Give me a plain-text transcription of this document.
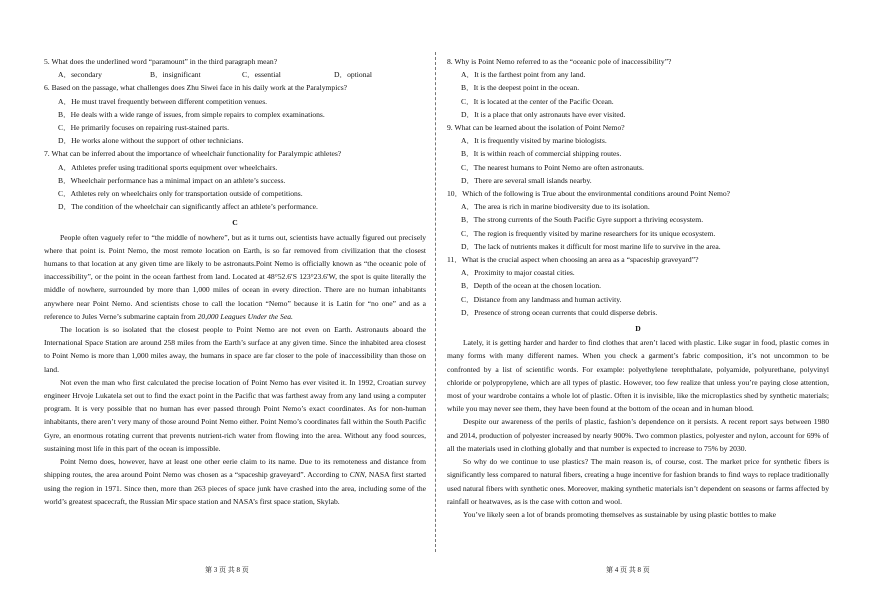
5. What does the underlined word “paramount” in the third paragraph mean?

A．secondary	B．insignificant	C．essential	D．optional

6. Based on the passage, what challenges does Zhu Siwei face in his daily work at the Paralympics?

A．He must travel frequently between different competition venues.

B．He deals with a wide range of issues, from simple repairs to complex examinations.

C．He primarily focuses on repairing rust-stained parts.

D．He works alone without the support of other technicians.

7. What can be inferred about the importance of wheelchair functionality for Paralympic athletes?

A．Athletes prefer using traditional sports equipment over wheelchairs.

B．Wheelchair performance has a minimal impact on an athlete’s success.

C．Athletes rely on wheelchairs only for transportation outside of competitions.

D．The condition of the wheelchair can significantly affect an athlete’s performance.

C

People often vaguely refer to “the middle of nowhere”, but as it turns out, scientists have actually figured out precisely where that point is. Point Nemo, the most remote location on Earth, is so far removed from civilization that the closest humans to that location at any given time are likely to be astronauts.Point Nemo is officially known as “the oceanic pole of inaccessibility”, or the point in the ocean farthest from land. Located at 48°52.6′S 123°23.6′W, the spot is quite literally the middle of nowhere, surrounded by more than 1,000 miles of ocean in every direction. There are no human inhabitants anywhere near Point Nemo. And scientists chose to call the location “Nemo” because it is Latin for “no one” and as a reference to Jules Verne’s submarine captain from 20,000 Leagues Under the Sea.

The location is so isolated that the closest people to Point Nemo are not even on Earth. Astronauts aboard the International Space Station are around 258 miles from the Earth’s surface at any given time. Since the inhabited area closest to Point Nemo is more than 1,000 miles away, the humans in space are far closer to the pole of inaccessibility than those on land.

Not even the man who first calculated the precise location of Point Nemo has ever visited it. In 1992, Croatian survey engineer Hrvoje Lukatela set out to find the exact point in the Pacific that was farthest away from any land using a computer program. It is very possible that no human has ever passed through Point Nemo’s exact coordinates. As for non-human inhabitants, there aren’t very many of those around Point Nemo either. Point Nemo’s coordinates fall within the South Pacific Gyre, an enormous rotating current that prevents nutrient-rich water from flowing into the area. Without any food sources, sustaining most life in this part of the ocean is impossible.

Point Nemo does, however, have at least one other eerie claim to its name. Due to its remoteness and distance from shipping routes, the area around Point Nemo was chosen as a “spaceship graveyard”. According to CNN, NASA first started using the region in 1971. Since then, more than 263 pieces of space junk have crashed into the area, including some of the world’s greatest spacecraft, the Russian Mir space station and NASA’s first space station, Skylab.

8. Why is Point Nemo referred to as the “oceanic pole of inaccessibility”?

A．It is the farthest point from any land.

B．It is the deepest point in the ocean.

C．It is located at the center of the Pacific Ocean.

D．It is a place that only astronauts have ever visited.

9. What can be learned about the isolation of Point Nemo?

A．It is frequently visited by marine biologists.

B．It is within reach of commercial shipping routes.

C．The nearest humans to Point Nemo are often astronauts.

D．There are several small islands nearby.

10．Which of the following is True about the environmental conditions around Point Nemo?

A．The area is rich in marine biodiversity due to its isolation.

B．The strong currents of the South Pacific Gyre support a thriving ecosystem.

C．The region is frequently visited by marine researchers for its unique ecosystem.

D．The lack of nutrients makes it difficult for most marine life to survive in the area.

11．What is the crucial aspect when choosing an area as a “spaceship graveyard”?

A．Proximity to major coastal cities.

B．Depth of the ocean at the chosen location.

C．Distance from any landmass and human activity.

D．Presence of strong ocean currents that could disperse debris.

D

Lately, it is getting harder and harder to find clothes that aren’t laced with plastic. Like sugar in food, plastic comes in many forms with many different names. When you check a garment’s fabric composition, it’s not uncommon to be confronted by a list of scientific words. For example: polyethylene terephthalate, polyamide, polyurethane, polyvinyl chloride or polypropylene, which are all types of plastic. However, too few realize that unless you’re paying close attention, most of your wardrobe contains a whole lot of plastic. Often it is invisible, like the microplastics shed by synthetic materials; while you may never see them, they have been found at the bottom of the ocean and in human blood.

Despite our awareness of the perils of plastic, fashion’s dependence on it persists. A recent report says between 1980 and 2014, production of polyester increased by nearly 900%. Two common plastics, polyester and nylon, account for 69% of all the materials used in clothing globally and that number is expected to increase to 75% by 2030.

So why do we continue to use plastics? The main reason is, of course, cost. The market price for synthetic fibers is significantly less compared to natural fibers, creating a huge incentive for fashion brands to find ways to replace traditionally used natural fibers with synthetic ones. Moreover, making synthetic materials isn’t dependent on seasons or farms affected by rainfall or heatwaves, as is the case with cotton and wool.

You’ve likely seen a lot of brands promoting themselves as sustainable by using plastic bottles to make

第 3 页 共 8 页	第 4 页 共 8 页
